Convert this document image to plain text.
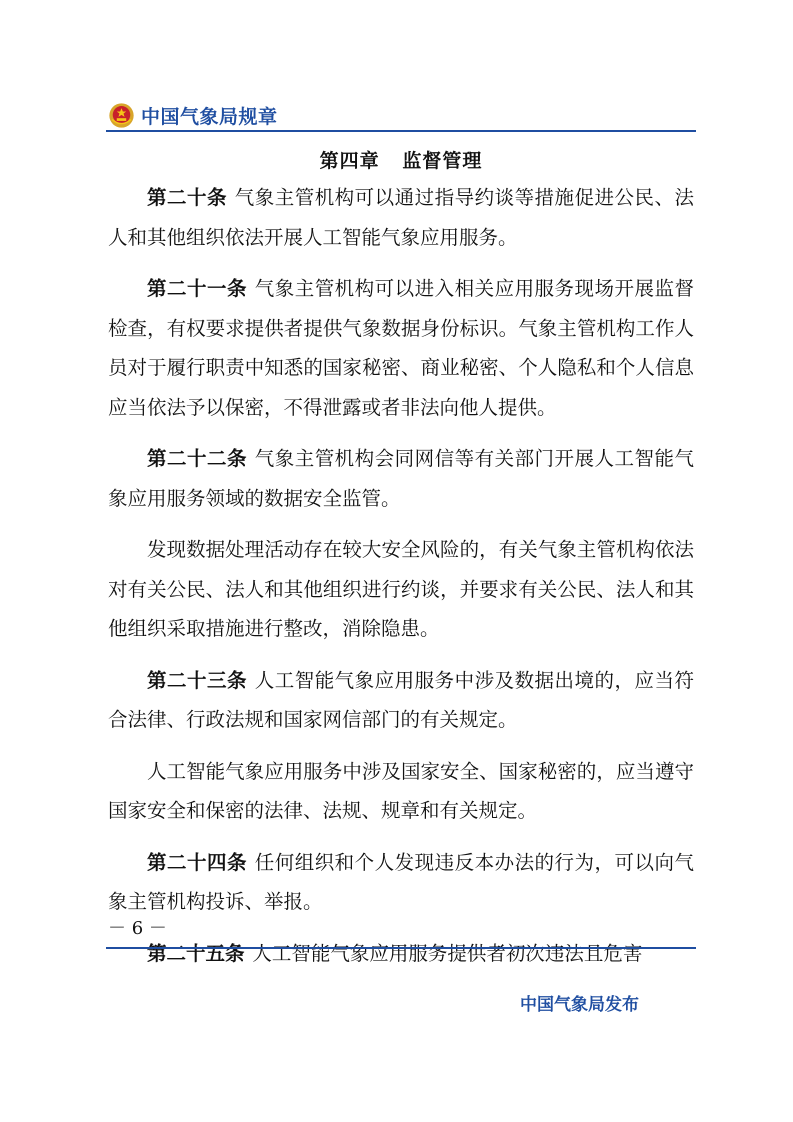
中国气象局规章
第四章   监督管理

第二十条 气象主管机构可以通过指导约谈等措施促进公民、法人和其他组织依法开展人工智能气象应用服务。

第二十一条 气象主管机构可以进入相关应用服务现场开展监督检查，有权要求提供者提供气象数据身份标识。气象主管机构工作人员对于履行职责中知悉的国家秘密、商业秘密、个人隐私和个人信息应当依法予以保密，不得泄露或者非法向他人提供。

第二十二条 气象主管机构会同网信等有关部门开展人工智能气象应用服务领域的数据安全监管。

发现数据处理活动存在较大安全风险的，有关气象主管机构依法对有关公民、法人和其他组织进行约谈，并要求有关公民、法人和其他组织采取措施进行整改，消除隐患。

第二十三条 人工智能气象应用服务中涉及数据出境的，应当符合法律、行政法规和国家网信部门的有关规定。

人工智能气象应用服务中涉及国家安全、国家秘密的，应当遵守国家安全和保密的法律、法规、规章和有关规定。

第二十四条 任何组织和个人发现违反本办法的行为，可以向气象主管机构投诉、举报。

第二十五条 人工智能气象应用服务提供者初次违法且危害

－ 6 －
中国气象局发布
